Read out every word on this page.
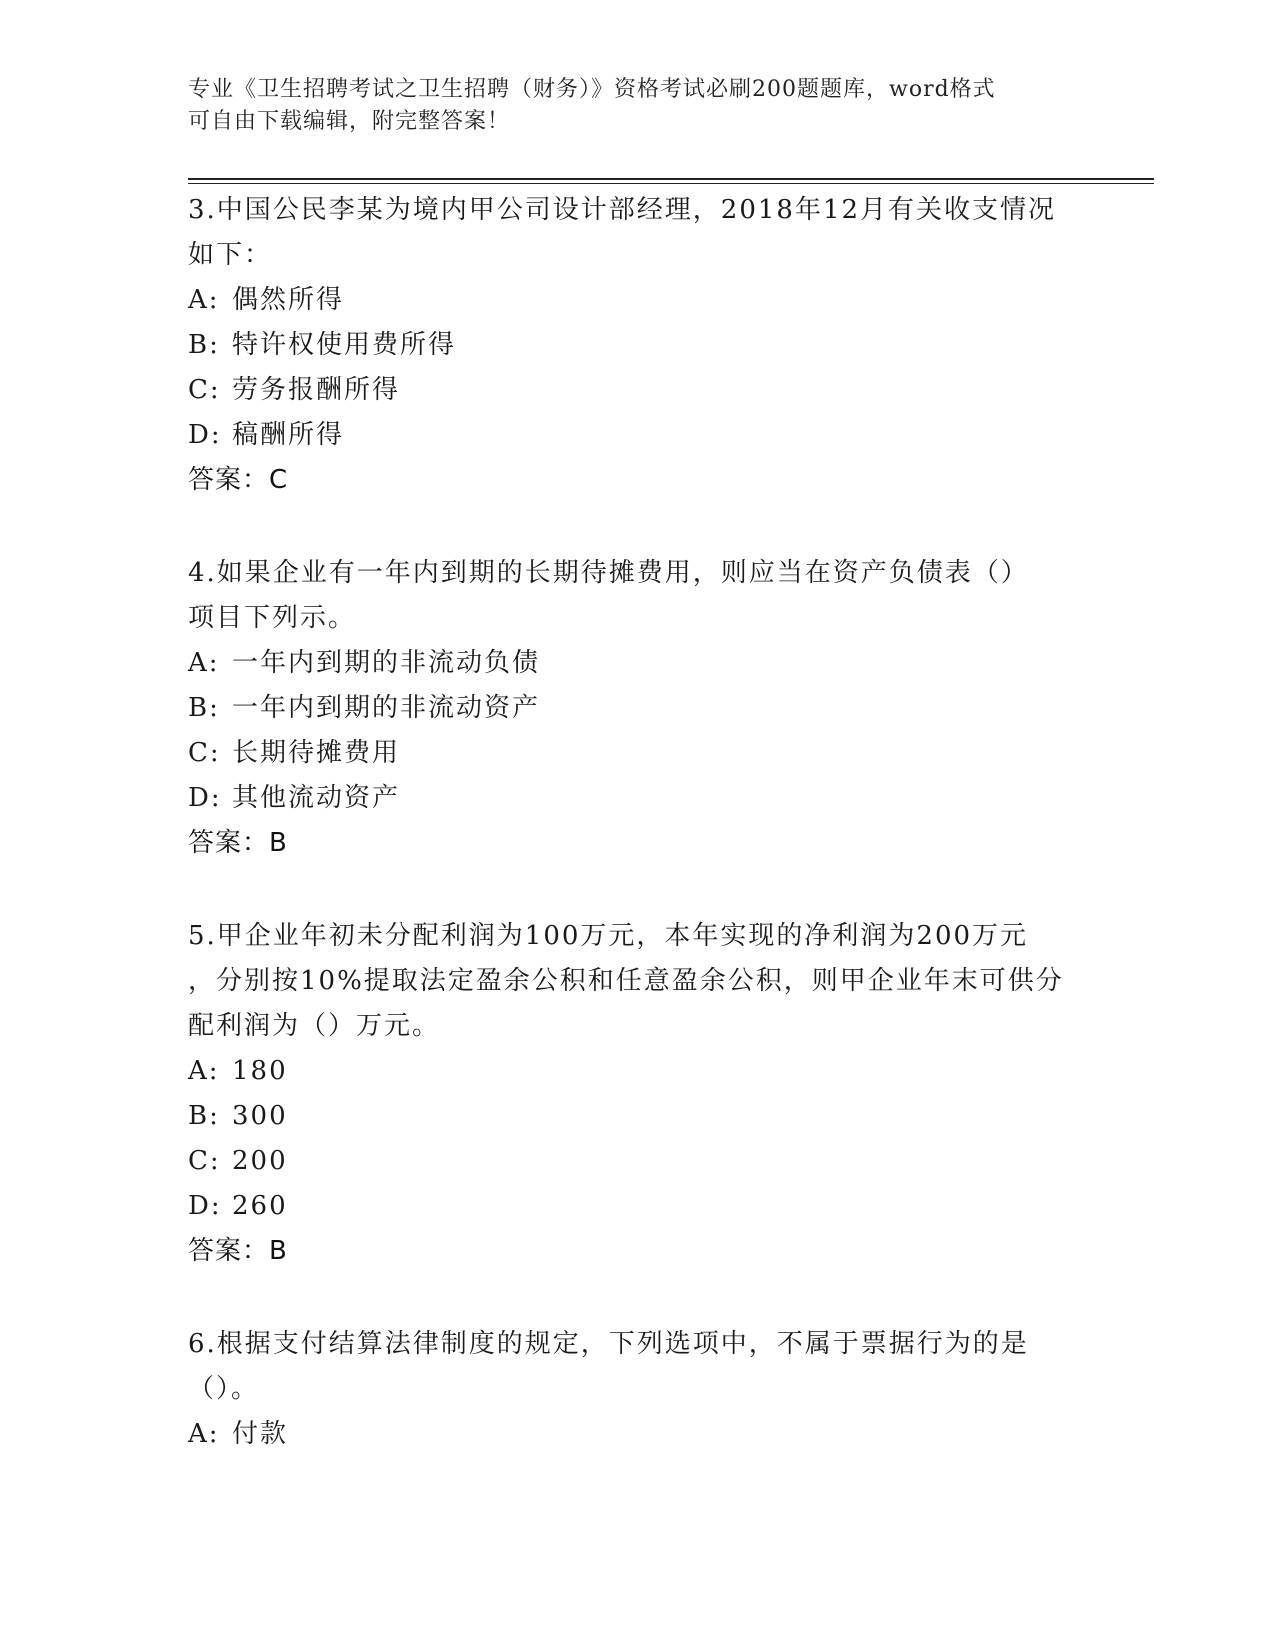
专业《卫生招聘考试之卫生招聘（财务）》资格考试必刷200题题库，word格式
可自由下载编辑，附完整答案！
3.中国公民李某为境内甲公司设计部经理，2018年12月有关收支情况
如下：
A: 偶然所得
B: 特许权使用费所得
C: 劳务报酬所得
D: 稿酬所得
答案：C
4.如果企业有一年内到期的长期待摊费用，则应当在资产负债表（）
项目下列示。
A: 一年内到期的非流动负债
B: 一年内到期的非流动资产
C: 长期待摊费用
D: 其他流动资产
答案：B
5.甲企业年初未分配利润为100万元，本年实现的净利润为200万元
，分别按10%提取法定盈余公积和任意盈余公积，则甲企业年末可供分
配利润为（）万元。
A: 180
B: 300
C: 200
D: 260
答案：B
6.根据支付结算法律制度的规定，下列选项中，不属于票据行为的是
（）。
A: 付款
